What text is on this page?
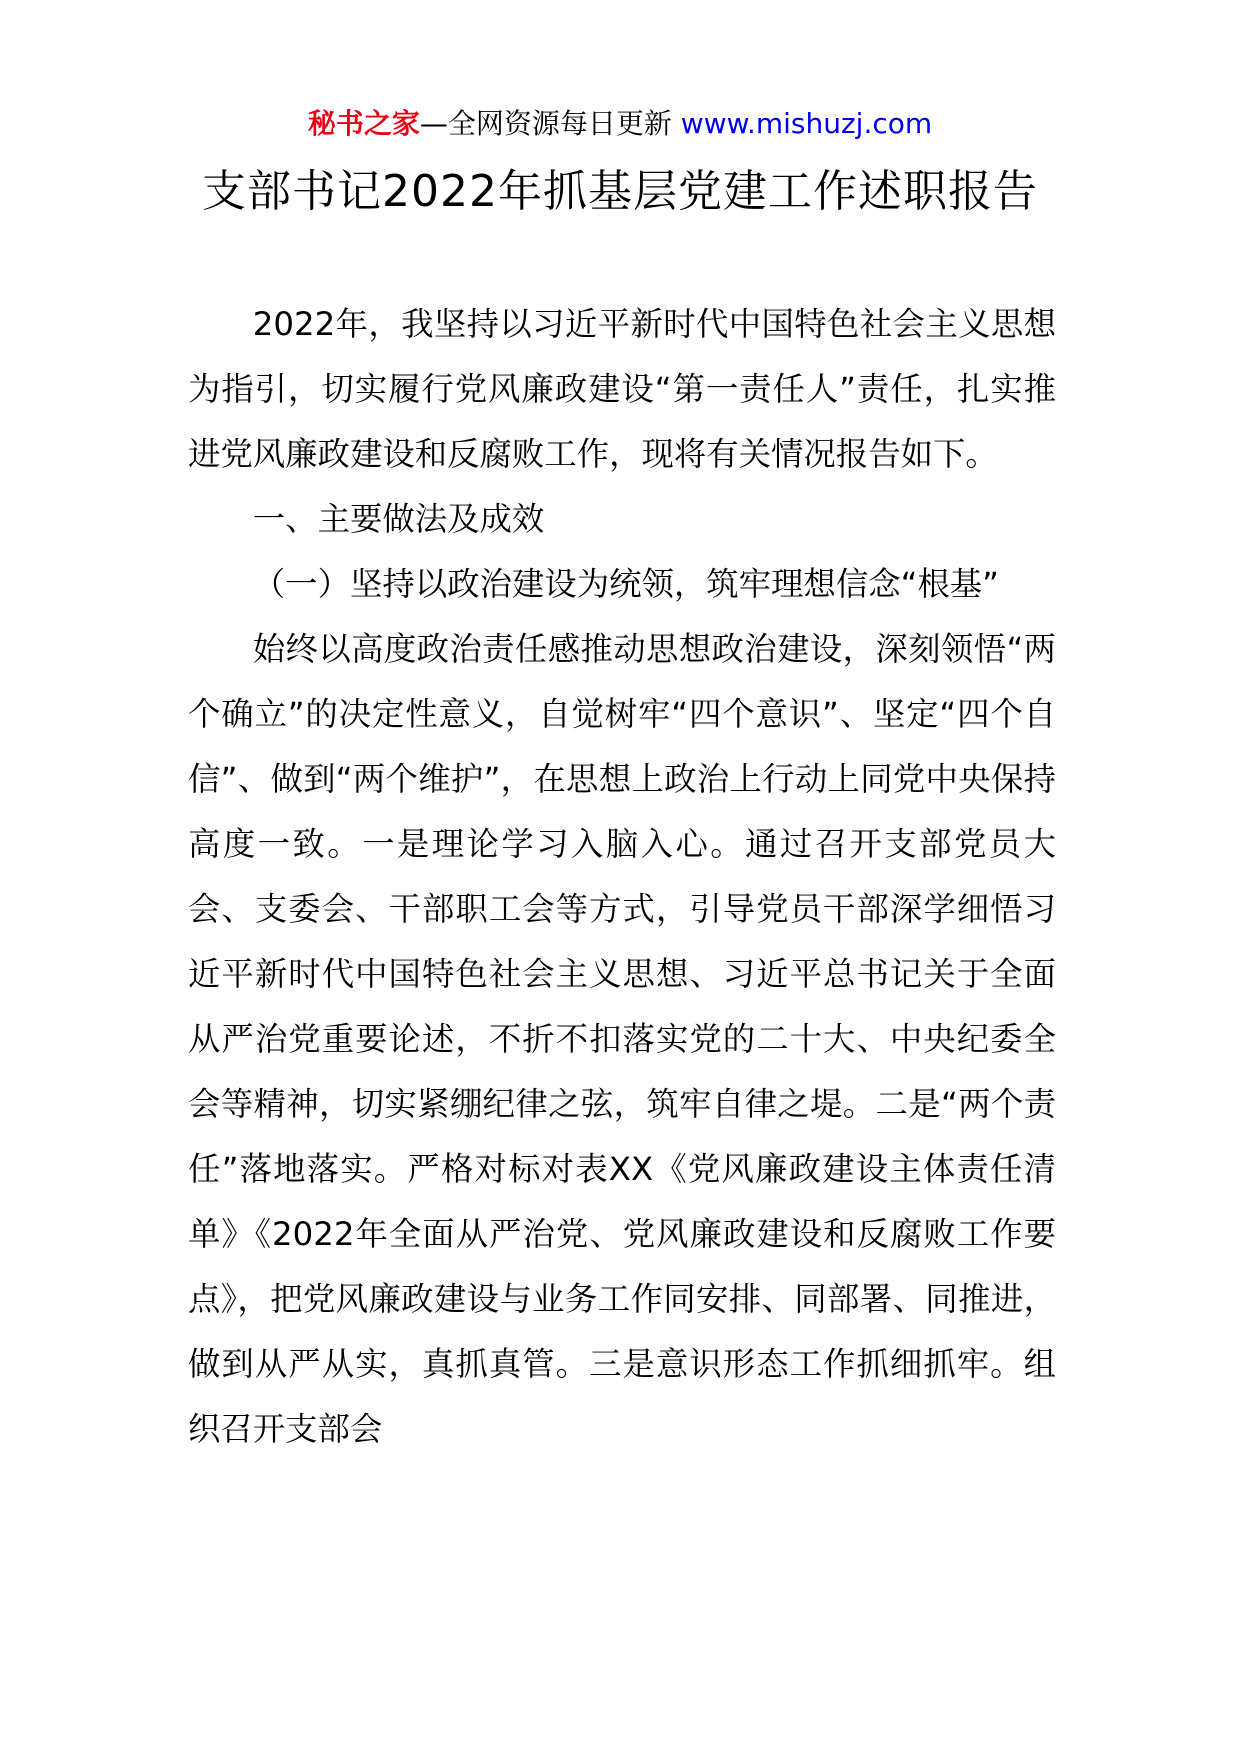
秘书之家—全网资源每日更新 www.mishuzj.com
支部书记2022年抓基层党建工作述职报告

2022年，我坚持以习近平新时代中国特色社会主义思想为指引，切实履行党风廉政建设“第一责任人”责任，扎实推进党风廉政建设和反腐败工作，现将有关情况报告如下。

一、主要做法及成效

（一）坚持以政治建设为统领，筑牢理想信念“根基”

始终以高度政治责任感推动思想政治建设，深刻领悟“两个确立”的决定性意义，自觉树牢“四个意识”、坚定“四个自信”、做到“两个维护”，在思想上政治上行动上同党中央保持高度一致。一是理论学习入脑入心。通过召开支部党员大会、支委会、干部职工会等方式，引导党员干部深学细悟习近平新时代中国特色社会主义思想、习近平总书记关于全面从严治党重要论述，不折不扣落实党的二十大、中央纪委全会等精神，切实紧绷纪律之弦，筑牢自律之堤。二是“两个责任”落地落实。严格对标对表XX《党风廉政建设主体责任清单》《2022年全面从严治党、党风廉政建设和反腐败工作要点》，把党风廉政建设与业务工作同安排、同部署、同推进，做到从严从实，真抓真管。三是意识形态工作抓细抓牢。组织召开支部会
